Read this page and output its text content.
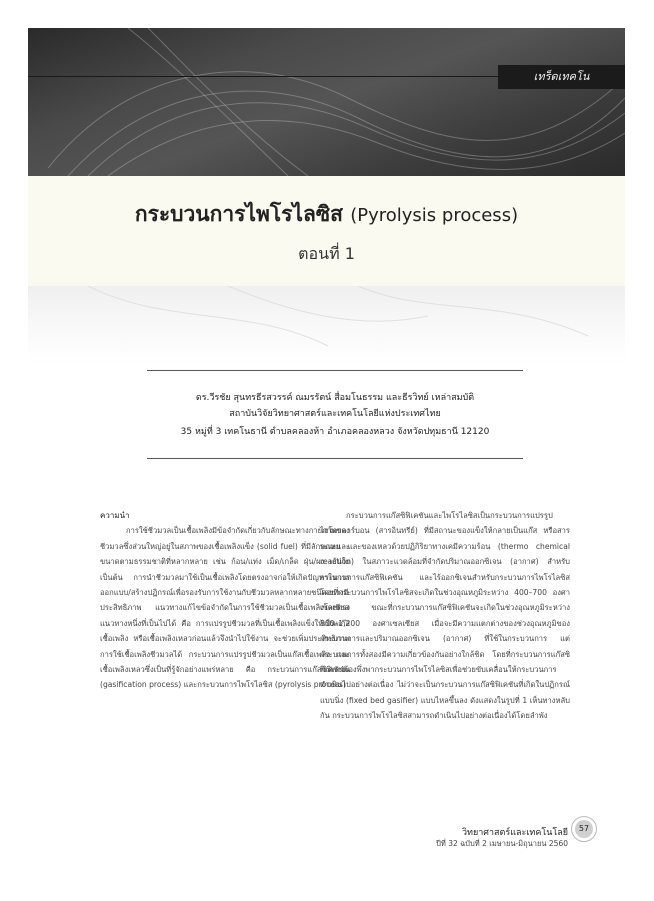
เทร็ดเทคโน
กระบวนการไพโรไลซิส (Pyrolysis process)
ตอนที่ 1
ดร.วีรชัย สุนทรธีรสวรรค์ ณมรรัตน์ สื่อมโนธรรม และธีรวิทย์ เหล่าสมบัติ
สถาบันวิจัยวิทยาศาสตร์และเทคโนโลยีแห่งประเทศไทย
35 หมู่ที่ 3 เทคโนธานี ตำบลคลองห้า อำเภอคลองหลวง จังหวัดปทุมธานี 12120

ความนำ

การใช้ชีวมวลเป็นเชื้อเพลิงมีข้อจำกัดเกี่ยวกับลักษณะทางกายภาพของชีวมวลซึ่งส่วนใหญ่อยู่ในสภาพของเชื้อเพลิงแข็ง (solid fuel) ที่มีลักษณะและขนาดตามธรรมชาติที่หลากหลาย เช่น ก้อน/แท่ง เม็ด/เกล็ด ฝุ่น/ผง เส้นใย เป็นต้น การนำชีวมวลมาใช้เป็นเชื้อเพลิงโดยตรงอาจก่อให้เกิดปัญหาในการออกแบบ/สร้างปฏิกรณ์เพื่อรองรับการใช้งานกับชีวมวลหลากหลายชนิดอย่างมีประสิทธิภาพ แนวทางแก้ไขข้อจำกัดในการใช้ชีวมวลเป็นเชื้อเพลิงโดยตรงแนวทางหนึ่งที่เป็นไปได้ คือ การแปรรูปชีวมวลที่เป็นเชื้อเพลิงแข็งให้เป็นแก๊สเชื้อเพลิง หรือเชื้อเพลิงเหลวก่อนแล้วจึงนำไปใช้งาน จะช่วยเพิ่มประสิทธิภาพการใช้เชื้อเพลิงชีวมวลได้ กระบวนการแปรรูปชีวมวลเป็นแก๊สเชื้อเพลิง และเชื้อเพลิงเหลวซึ่งเป็นที่รู้จักอย่างแพร่หลาย คือ กระบวนการแก๊สซิฟิเคชัน (gasification process) และกระบวนการไพโรไลซิส (pyrolysis process)

กระบวนการแก๊สซิฟิเคชันและไพโรไลซิสเป็นกระบวนการแปรรูปไฮโดรคาร์บอน (สารอินทรีย์) ที่มีสถานะของแข็งให้กลายเป็นแก๊ส หรือสารระเหย และของเหลวด้วยปฏิกิริยาทางเคมีความร้อน (thermo chemical reaction) ในสภาวะแวดล้อมที่จำกัดปริมาณออกซิเจน (อากาศ) สำหรับกระบวนการแก๊สซิฟิเคชัน และไร้ออกซิเจนสำหรับกระบวนการไพโรไลซิส โดยที่กระบวนการไพโรไลซิสจะเกิดในช่วงอุณหภูมิระหว่าง 400–700 องศาเซลเซียส ขณะที่กระบวนการแก๊สซิฟิเคชันจะเกิดในช่วงอุณหภูมิระหว่าง 800–1,200 องศาเซลเซียส เมื่อจะมีความแตกต่างของช่วงอุณหภูมิของกระบวนการและปริมาณออกซิเจน (อากาศ) ที่ใช้ในกระบวนการ แต่กระบวนการทั้งสองมีความเกี่ยวข้องกันอย่างใกล้ชิด โดยที่กระบวนการแก๊สซิฟิเคชันต้องพึ่งพากระบวนการไพโรไลซิสเพื่อช่วยขับเคลื่อนให้กระบวนการดำเนินไปอย่างต่อเนื่อง ไม่ว่าจะเป็นกระบวนการแก๊สซิฟิเคชันที่เกิดในปฏิกรณ์แบบนิ่ง (fixed bed gasifier) แบบไหลขึ้นลง ดังแสดงในรูปที่ 1 เห็นทางหลับกัน กระบวนการไพโรไลซิสสามารถดำเนินไปอย่างต่อเนื่องได้โดยลำพัง

วิทยาศาสตร์และเทคโนโลยี
ปีที่ 32 ฉบับที่ 2 เมษายน-มิถุนายน 2560
57
